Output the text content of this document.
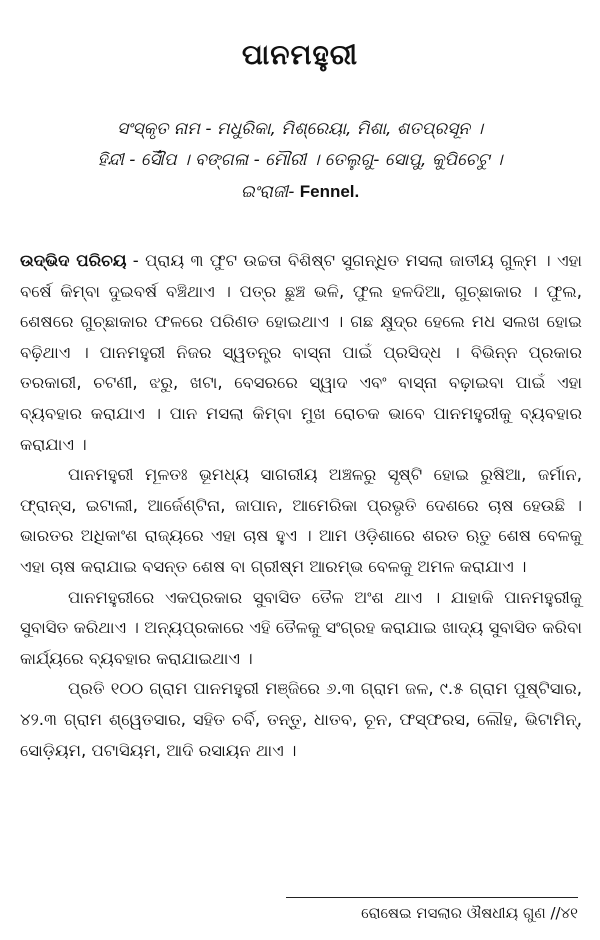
ପାନମହୁରୀ
ସଂସ୍କୃତ ନାମ - ମଧୁରିକା, ମିଶ୍ରେୟା, ମିଶା, ଶତପ୍ରସୂନ ।
ହିନ୍ଦୀ - ସୌଁପ । ବଙ୍ଗଳା - ମୌରୀ । ତେଲୁଗୁ- ସୋପୁ, କୁପିଚେଟୁ ।
ଇଂରାଜୀ- Fennel.

ଉଦ୍ଭିଦ ପରିଚୟ - ପ୍ରାୟ ୩ ଫୁଟ ଉଚ୍ଚତା ବିଶିଷ୍ଟ ସୁଗନ୍ଧିତ ମସଲା ଜାତୀୟ ଗୁଳ୍ମ । ଏହା ବର୍ଷେ କିମ୍ବା ଦୁଇବର୍ଷ ବଞ୍ଚିଥାଏ । ପତ୍ର ଛୁଞ୍ଚ ଭଳି, ଫୁଲ ହଳଦିଆ, ଗୁଚ୍ଛାକାର । ଫୁଲ, ଶେଷରେ ଗୁଚ୍ଛାକାର ଫଳରେ ପରିଣତ ହୋଇଥାଏ । ଗଛ କ୍ଷୁଦ୍ର ହେଲେ ମଧ ସଲଖ ହୋଇ ବଢ଼ିଥାଏ । ପାନମହୁରୀ ନିଜର ସ୍ୱତନ୍ତ୍ର ବାସ୍ନା ପାଇଁ ପ୍ରସିଦ୍ଧ । ବିଭିନ୍ନ ପ୍ରକାର ତରକାରୀ, ଚଟଣୀ, ଝରୁ, ଖଟା, ବେସରରେ ସ୍ୱାଦ ଏବଂ ବାସ୍ନା ବଢ଼ାଇବା ପାଇଁ ଏହା ବ୍ୟବହାର କରାଯାଏ । ପାନ ମସଲା କିମ୍ବା ମୁଖ ରୋଚକ ଭାବେ ପାନମହୁରୀକୁ ବ୍ୟବହାର କରାଯାଏ ।

ପାନମହୁରୀ ମୂଳତଃ ଭୂମଧ୍ୟ ସାଗରୀୟ ଅଞ୍ଚଳରୁ ସୃଷ୍ଟି ହୋଇ ରୁଷିଆ, ଜର୍ମାନ, ଫ୍ରାନ୍ସ, ଇଟାଲୀ, ଆର୍ଜେଣ୍ଟିନା, ଜାପାନ, ଆମେରିକା ପ୍ରଭୃତି ଦେଶରେ ଚାଷ ହେଉଛି । ଭାରତର ଅଧିକାଂଶ ରାଜ୍ୟରେ ଏହା ଚାଷ ହୁଏ । ଆମ ଓଡ଼ିଶାରେ ଶରତ ଋତୁ ଶେଷ ବେଳକୁ ଏହା ଚାଷ କରାଯାଇ ବସନ୍ତ ଶେଷ ବା ଗ୍ରୀଷ୍ମ ଆରମ୍ଭ ବେଳକୁ ଅମଳ କରାଯାଏ ।

ପାନମହୁରୀରେ ଏକପ୍ରକାର ସୁବାସିତ ତୈଳ ଅଂଶ ଥାଏ । ଯାହାକି ପାନମହୁରୀକୁ ସୁବାସିତ କରିଥାଏ । ଅନ୍ୟପ୍ରକାରେ ଏହି ତୈଳକୁ ସଂଗ୍ରହ କରାଯାଇ ଖାଦ୍ୟ ସୁବାସିତ କରିବା କାର୍ଯ୍ୟରେ ବ୍ୟବହାର କରାଯାଇଥାଏ ।

ପ୍ରତି ୧୦୦ ଗ୍ରାମ ପାନମହୁରୀ ମଞ୍ଜିରେ ୬.୩ ଗ୍ରାମ ଜଳ, ୯.୫ ଗ୍ରାମ ପୁଷ୍ଟିସାର, ୪୨.୩ ଗ୍ରାମ ଶ୍ୱେତସାର, ସହିତ ଚର୍ବି, ତନ୍ତୁ, ଧାତବ, ଚୂନ, ଫସ୍‌ଫରସ, ଲୌହ, ଭିଟାମିନ୍, ସୋଡ଼ିୟମ, ପଟାସିୟମ, ଆଦି ରସାୟନ ଥାଏ ।

ରୋଷେଇ ମସଲାର ଔଷଧୀୟ ଗୁଣ //୪୧
